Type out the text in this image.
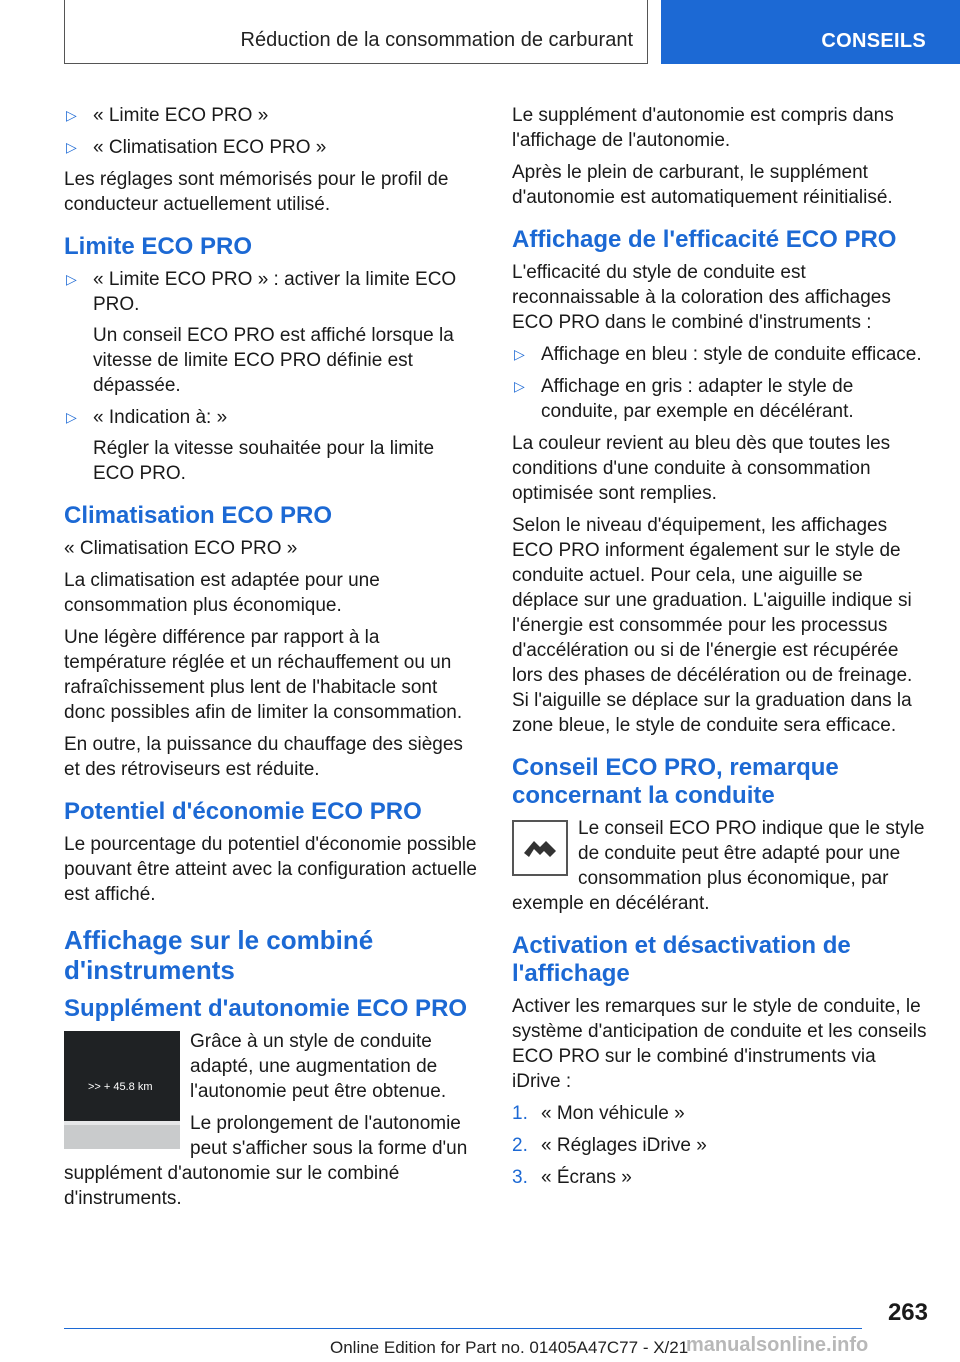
Réduction de la consommation de carburant	CONSEILS
▷ « Limite ECO PRO »
▷ « Climatisation ECO PRO »

Les réglages sont mémorisés pour le profil de conducteur actuellement utilisé.

Limite ECO PRO
▷ « Limite ECO PRO » : activer la limite ECO PRO.

Un conseil ECO PRO est affiché lorsque la vitesse de limite ECO PRO définie est dépassée.

▷ « Indication à: »

Régler la vitesse souhaitée pour la limite ECO PRO.

Climatisation ECO PRO

« Climatisation ECO PRO »

La climatisation est adaptée pour une consommation plus économique.

Une légère différence par rapport à la température réglée et un réchauffement ou un rafraîchissement plus lent de l'habitacle sont donc possibles afin de limiter la consommation.

En outre, la puissance du chauffage des sièges et des rétroviseurs est réduite.

Potentiel d'économie ECO PRO

Le pourcentage du potentiel d'économie possible pouvant être atteint avec la configuration actuelle est affiché.

Affichage sur le combiné d'instruments
Supplément d'autonomie ECO PRO
>> + 45.8 km

Grâce à un style de conduite adapté, une augmentation de l'autonomie peut être obtenue.

Le prolongement de l'autonomie peut s'afficher sous la forme d'un supplément d'autonomie sur le combiné d'instruments.

Le supplément d'autonomie est compris dans l'affichage de l'autonomie.

Après le plein de carburant, le supplément d'autonomie est automatiquement réinitialisé.

Affichage de l'efficacité ECO PRO

L'efficacité du style de conduite est reconnaissable à la coloration des affichages ECO PRO dans le combiné d'instruments :

▷ Affichage en bleu : style de conduite efficace.
▷ Affichage en gris : adapter le style de conduite, par exemple en décélérant.

La couleur revient au bleu dès que toutes les conditions d'une conduite à consommation optimisée sont remplies.

Selon le niveau d'équipement, les affichages ECO PRO informent également sur le style de conduite actuel. Pour cela, une aiguille se déplace sur une graduation. L'aiguille indique si l'énergie est consommée pour les processus d'accélération ou si de l'énergie est récupérée lors des phases de décélération ou de freinage. Si l'aiguille se déplace sur la graduation dans la zone bleue, le style de conduite sera efficace.

Conseil ECO PRO, remarque concernant la conduite

Le conseil ECO PRO indique que le style de conduite peut être adapté pour une consommation plus économique, par exemple en décélérant.

Activation et désactivation de l'affichage

Activer les remarques sur le style de conduite, le système d'anticipation de conduite et les conseils ECO PRO sur le combiné d'instruments via iDrive :

1. « Mon véhicule »
2. « Réglages iDrive »
3. « Écrans »
263
Online Edition for Part no. 01405A47C77 - X/21
manualsonline.info
